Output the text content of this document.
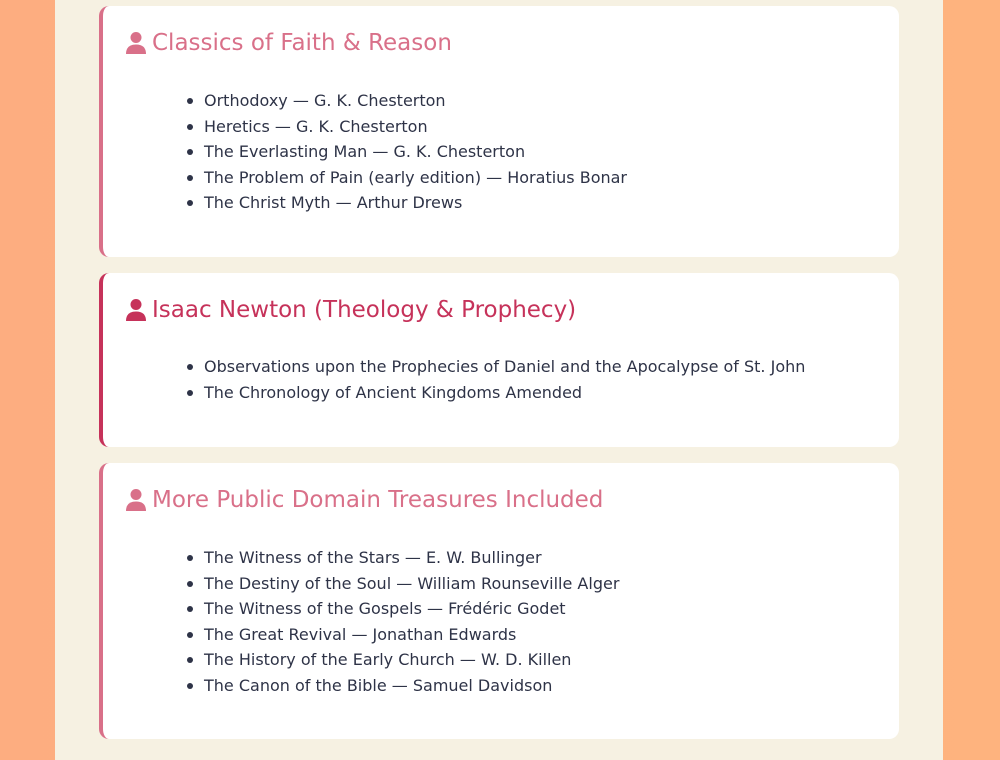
Classics of Faith & Reason
Orthodoxy — G. K. Chesterton
Heretics — G. K. Chesterton
The Everlasting Man — G. K. Chesterton
The Problem of Pain (early edition) — Horatius Bonar
The Christ Myth — Arthur Drews
Isaac Newton (Theology & Prophecy)
Observations upon the Prophecies of Daniel and the Apocalypse of St. John
The Chronology of Ancient Kingdoms Amended
More Public Domain Treasures Included
The Witness of the Stars — E. W. Bullinger
The Destiny of the Soul — William Rounseville Alger
The Witness of the Gospels — Frédéric Godet
The Great Revival — Jonathan Edwards
The History of the Early Church — W. D. Killen
The Canon of the Bible — Samuel Davidson
